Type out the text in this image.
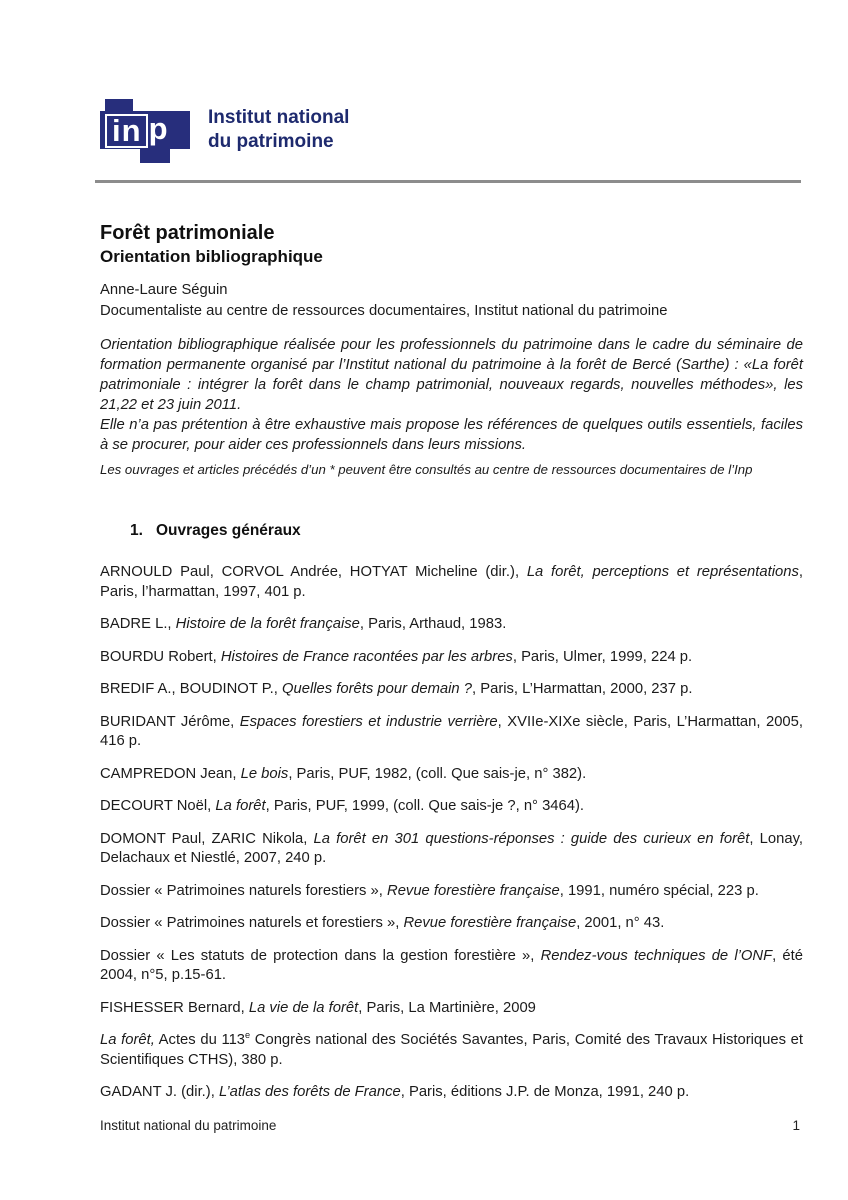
in p Institut national
du patrimoine
Forêt patrimoniale
Orientation bibliographique
Anne-Laure Séguin
Documentaliste au centre de ressources documentaires, Institut national du patrimoine

Orientation bibliographique réalisée pour les professionnels du patrimoine dans le cadre du séminaire de formation permanente organisé par l’Institut national du patrimoine à la forêt de Bercé (Sarthe) : «La forêt patrimoniale : intégrer la forêt dans le champ patrimonial, nouveaux regards, nouvelles méthodes», les 21,22 et 23 juin 2011.

Elle n’a pas prétention à être exhaustive mais propose les références de quelques outils essentiels, faciles à se procurer, pour aider ces professionnels dans leurs missions.

Les ouvrages et articles précédés d’un * peuvent être consultés au centre de ressources documentaires de l’Inp
1. Ouvrages généraux

ARNOULD Paul, CORVOL Andrée, HOTYAT Micheline (dir.), La forêt, perceptions et représentations, Paris, l’harmattan, 1997, 401 p.

BADRE L., Histoire de la forêt française, Paris, Arthaud, 1983.

BOURDU Robert, Histoires de France racontées par les arbres, Paris, Ulmer, 1999, 224 p.

BREDIF A., BOUDINOT P., Quelles forêts pour demain ?, Paris, L’Harmattan, 2000, 237 p.

BURIDANT Jérôme, Espaces forestiers et industrie verrière, XVIIe-XIXe siècle, Paris, L’Harmattan, 2005, 416 p.

CAMPREDON Jean, Le bois, Paris, PUF, 1982, (coll. Que sais-je, n° 382).

DECOURT Noël, La forêt, Paris, PUF, 1999, (coll. Que sais-je ?, n° 3464).

DOMONT Paul, ZARIC Nikola, La forêt en 301 questions-réponses : guide des curieux en forêt, Lonay, Delachaux et Niestlé, 2007, 240 p.

Dossier « Patrimoines naturels forestiers », Revue forestière française, 1991, numéro spécial, 223 p.

Dossier « Patrimoines naturels et forestiers », Revue forestière française, 2001, n° 43.

Dossier « Les statuts de protection dans la gestion forestière », Rendez-vous techniques de l’ONF, été 2004, n°5, p.15-61.

FISHESSER Bernard, La vie de la forêt, Paris, La Martinière, 2009

La forêt, Actes du 113e Congrès national des Sociétés Savantes, Paris, Comité des Travaux Historiques et Scientifiques CTHS), 380 p.

GADANT J. (dir.), L’atlas des forêts de France, Paris, éditions J.P. de Monza, 1991, 240 p.

Institut national du patrimoine	1
